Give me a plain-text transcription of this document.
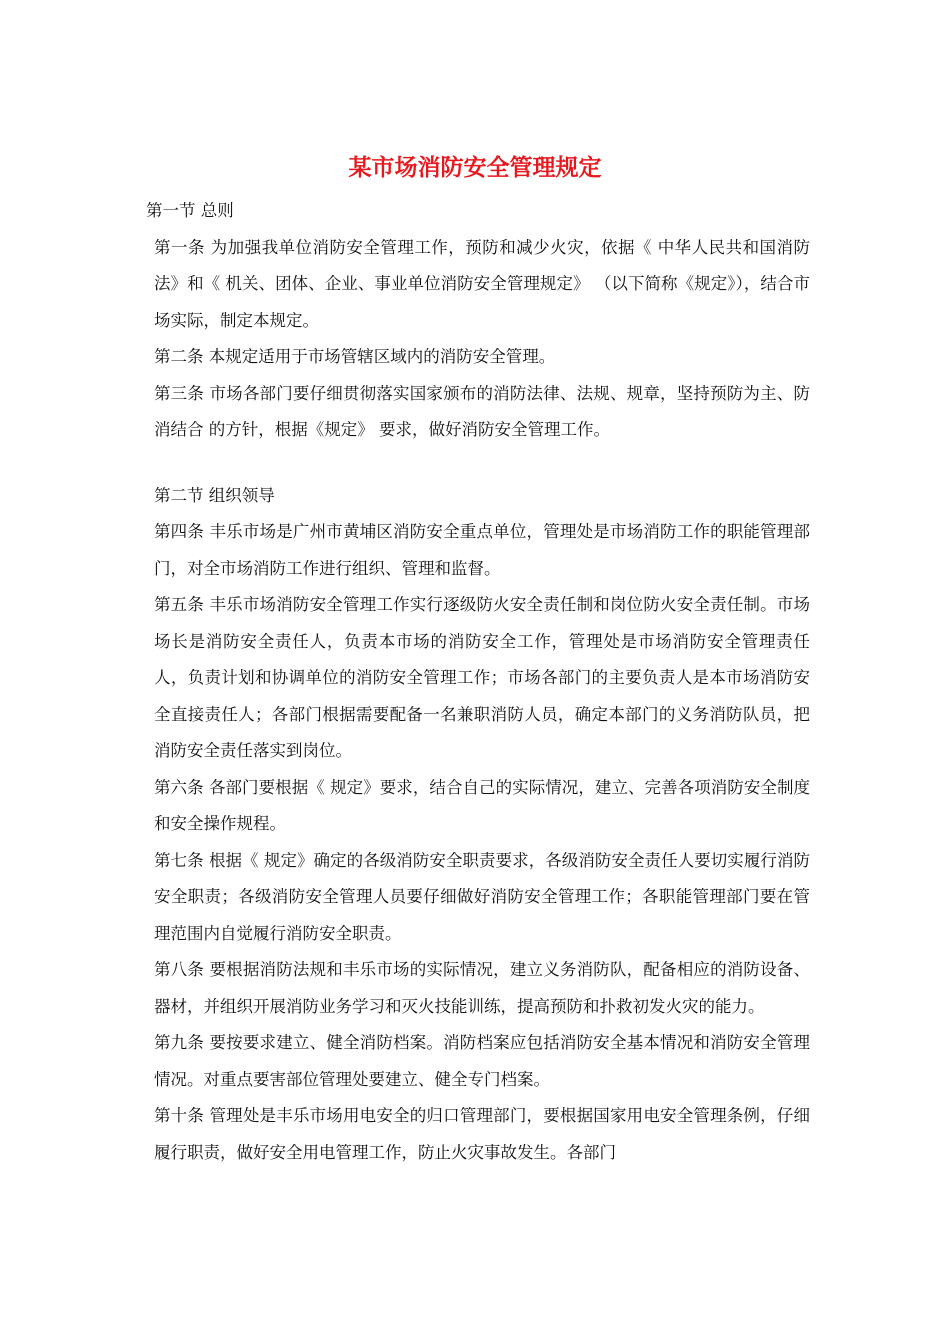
某市场消防安全管理规定

第一节 总则

第一条 为加强我单位消防安全管理工作，预防和减少火灾，依据《 中华人民共和国消防法》和《 机关、团体、企业、事业单位消防安全管理规定》 （以下简称《规定》），结合市场实际，制定本规定。

第二条 本规定适用于市场管辖区域内的消防安全管理。

第三条 市场各部门要仔细贯彻落实国家颁布的消防法律、法规、规章，坚持预防为主、防消结合 的方针，根据《规定》 要求，做好消防安全管理工作。

第二节 组织领导

第四条 丰乐市场是广州市黄埔区消防安全重点单位，管理处是市场消防工作的职能管理部门，对全市场消防工作进行组织、管理和监督。

第五条 丰乐市场消防安全管理工作实行逐级防火安全责任制和岗位防火安全责任制。市场场长是消防安全责任人，负责本市场的消防安全工作，管理处是市场消防安全管理责任人，负责计划和协调单位的消防安全管理工作；市场各部门的主要负责人是本市场消防安全直接责任人；各部门根据需要配备一名兼职消防人员，确定本部门的义务消防队员，把消防安全责任落实到岗位。

第六条 各部门要根据《 规定》要求，结合自己的实际情况，建立、完善各项消防安全制度和安全操作规程。

第七条 根据《 规定》确定的各级消防安全职责要求，各级消防安全责任人要切实履行消防安全职责；各级消防安全管理人员要仔细做好消防安全管理工作；各职能管理部门要在管理范围内自觉履行消防安全职责。

第八条 要根据消防法规和丰乐市场的实际情况，建立义务消防队，配备相应的消防设备、器材，并组织开展消防业务学习和灭火技能训练，提高预防和扑救初发火灾的能力。

第九条 要按要求建立、健全消防档案。消防档案应包括消防安全基本情况和消防安全管理情况。对重点要害部位管理处要建立、健全专门档案。

第十条 管理处是丰乐市场用电安全的归口管理部门，要根据国家用电安全管理条例，仔细履行职责，做好安全用电管理工作，防止火灾事故发生。各部门
